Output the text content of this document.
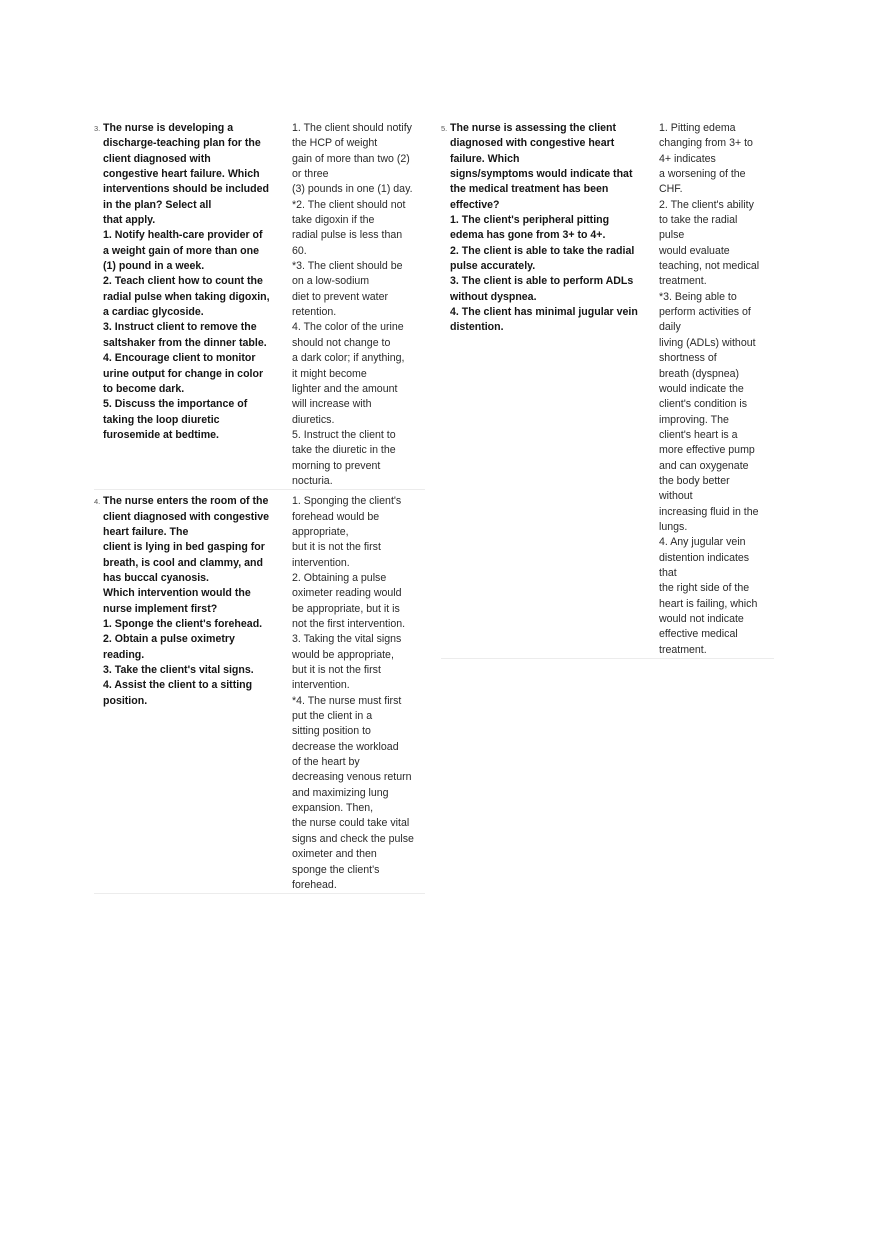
3. The nurse is developing a
discharge-teaching plan for the
client diagnosed with
congestive heart failure. Which
interventions should be included
in the plan? Select all
that apply.
1. Notify health-care provider of
a weight gain of more than one
(1) pound in a week.
2. Teach client how to count the
radial pulse when taking digoxin,
a cardiac glycoside.
3. Instruct client to remove the
saltshaker from the dinner table.
4. Encourage client to monitor
urine output for change in color
to become dark.
5. Discuss the importance of
taking the loop diuretic
furosemide at bedtime.
1. The client should notify
the HCP of weight
gain of more than two (2)
or three
(3) pounds in one (1) day.
*2. The client should not
take digoxin if the
radial pulse is less than
60.
*3. The client should be
on a low-sodium
diet to prevent water
retention.
4. The color of the urine
should not change to
a dark color; if anything,
it might become
lighter and the amount
will increase with
diuretics.
5. Instruct the client to
take the diuretic in the
morning to prevent
nocturia.
4. The nurse enters the room of the
client diagnosed with congestive
heart failure. The
client is lying in bed gasping for
breath, is cool and clammy, and
has buccal cyanosis.
Which intervention would the
nurse implement first?
1. Sponge the client's forehead.
2. Obtain a pulse oximetry
reading.
3. Take the client's vital signs.
4. Assist the client to a sitting
position.
1. Sponging the client's
forehead would be
appropriate,
but it is not the first
intervention.
2. Obtaining a pulse
oximeter reading would
be appropriate, but it is
not the first intervention.
3. Taking the vital signs
would be appropriate,
but it is not the first
intervention.
*4. The nurse must first
put the client in a
sitting position to
decrease the workload
of the heart by
decreasing venous return
and maximizing lung
expansion. Then,
the nurse could take vital
signs and check the pulse
oximeter and then
sponge the client's
forehead.
5. The nurse is assessing the client
diagnosed with congestive heart
failure. Which
signs/symptoms would indicate that
the medical treatment has been
effective?
1. The client's peripheral pitting
edema has gone from 3+ to 4+.
2. The client is able to take the radial
pulse accurately.
3. The client is able to perform ADLs
without dyspnea.
4. The client has minimal jugular vein
distention.
1. Pitting edema
changing from 3+ to
4+ indicates
a worsening of the
CHF.
2. The client's ability
to take the radial
pulse
would evaluate
teaching, not medical
treatment.
*3. Being able to
perform activities of
daily
living (ADLs) without
shortness of
breath (dyspnea)
would indicate the
client's condition is
improving. The
client's heart is a
more effective pump
and can oxygenate
the body better
without
increasing fluid in the
lungs.
4. Any jugular vein
distention indicates
that
the right side of the
heart is failing, which
would not indicate
effective medical
treatment.
